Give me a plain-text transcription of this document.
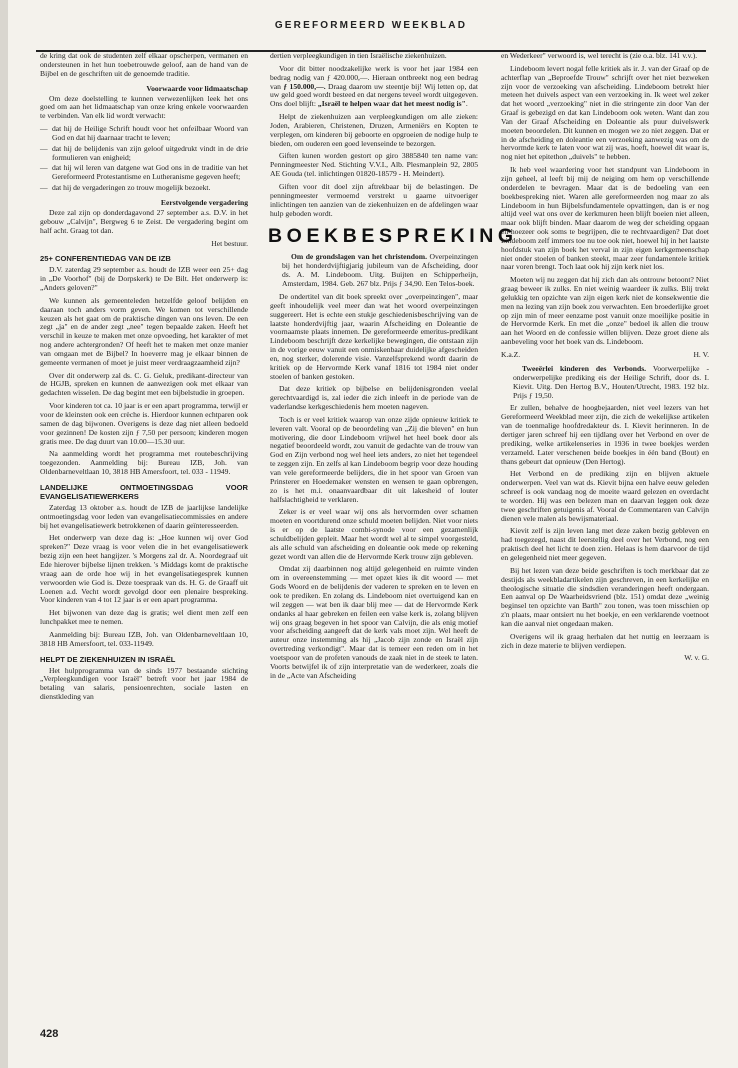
GEREFORMEERD WEEKBLAD

de kring dat ook de studenten zelf elkaar opscherpen, vermanen en ondersteunen in het hun toebetrouwde geloof, aan de hand van de Bijbel en de geschriften uit de genoemde traditie.

Voorwaarde voor lidmaatschap

Om deze doelstelling te kunnen verwezenlijken leek het ons goed om aan het lidmaatschap van onze kring enkele voorwaarden te verbinden. Van elk lid wordt verwacht:

— dat hij de Heilige Schrift houdt voor het onfeilbaar Woord van God en dat hij daarnaar tracht te leven;
— dat hij de belijdenis van zijn geloof uitgedrukt vindt in de drie formulieren van enigheid;
— dat hij wil leren van datgene wat God ons in de traditie van het Gereformeerd Protestantisme en Lutheranisme gegeven heeft;
— dat hij de vergaderingen zo trouw mogelijk bezoekt.
Eerstvolgende vergadering

Deze zal zijn op donderdagavond 27 september a.s. D.V. in het gebouw „Calvijn", Bergweg 6 te Zeist. De vergadering begint om half acht. Graag tot dan.

Het bestuur.

25+ CONFERENTIEDAG VAN DE IZB

D.V. zaterdag 29 september a.s. houdt de IZB weer een 25+ dag in „De Voorhof" (bij de Dorpskerk) te De Bilt. Het onderwerp is: „Anders geloven?"

We kunnen als gemeenteleden hetzelfde geloof belijden en daaraan toch anders vorm geven. We komen tot verschillende keuzen als het gaat om de praktische dingen van ons leven. De een zegt „ja" en de ander zegt „nee" tegen bepaalde zaken. Heeft het verschil in keuze te maken met onze opvoeding, het karakter of met nog andere achtergronden? Of heeft het te maken met onze manier van omgaan met de Bijbel? In hoeverre mag je elkaar binnen de gemeente vermanen of moet je juist meer verdraagzaamheid zijn?

Over dit onderwerp zal ds. C. G. Geluk, predikant-directeur van de HGJB, spreken en kunnen de aanwezigen ook met elkaar van gedachten wisselen. De dag begint met een bijbelstudie in groepen.

Voor kinderen tot ca. 10 jaar is er een apart programma, terwijl er voor de kleinsten ook een crèche is. Hierdoor kunnen echtparen ook samen de dag bijwonen. Overigens is deze dag niet alleen bedoeld voor gezinnen! De kosten zijn ƒ 7,50 per persoon; kinderen mogen gratis mee. De dag duurt van 10.00—15.30 uur.

Na aanmelding wordt het programma met routebeschrijving toegezonden. Aanmelding bij: Bureau IZB, Joh. van Oldenbarneveltlaan 10, 3818 HB Amersfoort, tel. 033 - 11949.

LANDELIJKE ONTMOETINGSDAG VOOR EVANGELISATIEWERKERS

Zaterdag 13 oktober a.s. houdt de IZB de jaarlijkse landelijke ontmoetingsdag voor leden van evangelisatiecommissies en andere bij het evangelisatiewerk betrokkenen of daarin geïnteresseerden.

Het onderwerp van deze dag is: „Hoe kunnen wij over God spreken?" Deze vraag is voor velen die in het evangelisatiewerk bezig zijn een heet hangijzer. 's Morgens zal dr. A. Noordegraaf uit Ede hierover bijbelse lijnen trekken. 's Middags komt de praktische vraag aan de orde hoe wij in het evangelisatiegesprek kunnen verwoorden wie God is. Deze toespraak van ds. H. G. de Graaff uit Loenen a.d. Vecht wordt gevolgd door een plenaire bespreking. Voor kinderen van 4 tot 12 jaar is er een apart programma.

Het bijwonen van deze dag is gratis; wel dient men zelf een lunchpakket mee te nemen.

Aanmelding bij: Bureau IZB, Joh. van Oldenbarneveltlaan 10, 3818 HB Amersfoort, tel. 033-11949.

HELPT DE ZIEKENHUIZEN IN ISRAËL

Het hulpprogramma van de sinds 1977 bestaande stichting „Verpleegkundigen voor Israël" betreft voor het jaar 1984 de betaling van salaris, pensioenrechten, sociale lasten en dienstkleding van

dertien verpleegkundigen in tien Israëlische ziekenhuizen.

Voor dit bitter noodzakelijke werk is voor het jaar 1984 een bedrag nodig van ƒ 420.000,—. Hieraan ontbreekt nog een bedrag van ƒ 150.000,—. Draag daarom uw steentje bij! Wij letten op, dat uw geld goed wordt besteed en dat nergens teveel wordt uitgegeven. Ons doel blijft: „Israël te helpen waar dat het meest nodig is".

Helpt de ziekenhuizen aan verpleegkundigen om alle zieken: Joden, Arabieren, Christenen, Druzen, Armeniërs en Kopten te verplegen, om kinderen bij geboorte en opgroeien de nodige hulp te bieden, om ouderen een goed levenseinde te bezorgen.

Giften kunen worden gestort op giro 3885840 ten name van: Penningmeester Ned. Stichting V.V.I., Alb. Plesmanplein 92, 2805 AE Gouda (tel. inlichtingen 01820-18579 - H. Meindert).

Giften voor dit doel zijn aftrekbaar bij de belastingen. De penningmeester vermoemd verstrekt u gaarne uitvoeriger inlichtingen ten aanzien van de ziekenhuizen en de afdelingen waar hulp geboden wordt.

BOEKBESPREKING

Om de grondslagen van het christendom. Overpeinzingen bij het honderdvijftigjarig jubileum van de Afscheiding, door ds. A. M. Lindeboom. Uitg. Buijten en Schipperheijn, Amsterdam, 1984. Geb. 267 blz. Prijs ƒ 34,90. Een Telos-boek.

De ondertitel van dit boek spreekt over „overpeinzingen", maar geeft inhoudelijk veel meer dan wat het woord overpeinzingen suggereert. Het is echte een stukje geschiedenisbeschrijving van de laatste honderdvijftig jaar, waarin Afscheiding en Doleantie de voornaamste plaats innemen. De gereformeerde emeritus-predikant Lindeboom beschrijft deze kerkelijke bewegingen, die ontstaan zijn in de vorige eeuw vanuit een onmiskenbaar duidelijke afgescheiden en, nog sterker, dolerende visie. Vanzelfsprekend wordt daarin de kritiek op de Hervormde Kerk vanaf 1816 tot 1984 niet onder stoelen of banken gestoken.

Dat deze kritiek op bijbelse en belijdenisgronden veelal gerechtvaardigd is, zal ieder die zich inleeft in de periode van de vaderlandse kerkgeschiedenis hem moeten nageven.

Toch is er veel kritiek waarop van onze zijde opnieuw kritiek te leveren valt. Vooral op de beoordeling van „Zij die bleven" en hun motivering, die door Lindeboom vrijwel het heel boek door als negatief beoordeeld wordt, zou vanuit de gedachte van de trouw van God en Zijn verbond nog wel heel iets anders, zo niet het tegendeel te zeggen zijn. En zelfs al kan Lindeboom begrip voor deze houding van vele gereformeerde belijders, die in het spoor van Groen van Prinsterer en Hoedemaker wensten en wensen te gaan opbrengen, zo is het m.i. onaanvaardbaar dit uit lakesheid of louter halfslachtigheid te verklaren.

Zeker is er veel waar wij ons als hervormden over schamen moeten en voortdurend onze schuld moeten belijden. Niet voor niets is er op de laatste combi-synode voor een gezamenlijk schuldbelijden gepleit. Maar het wordt wel al te simpel voorgesteld, als alle schuld van afscheiding en doleantie ook mede op rekening gezet wordt van allen die de Hervormde Kerk trouw zijn gebleven.

Omdat zij daarbinnen nog altijd gelegenheid en ruimte vinden om in overeenstemming — met opzet kies ik dit woord — met Gods Woord en de belijdenis der vaderen te spreken en te leven en ook te prediken. En zolang ds. Lindeboom niet overtuigend kan en wil zeggen — wat ben ik daar blij mee — dat de Hervormde Kerk ondanks al haar gebreken en feilen een valse kerk is, zolang blijven wij ons graag begeven in het spoor van Calvijn, die als enig motief voor afscheiding aangeeft dat de kerk vals moet zijn. Wel heeft de auteur onze instemming als hij „Jacob zijn zonde en Israël zijn overtreding verkondigt". Maar dat is temeer een reden om in het voetspoor van de profeten vanouds de zaak niet in de steek te laten. Voorts betwijfel ik of zijn interpretatie van de wederkeer, zoals die in de „Acte van Afscheiding

en Wederkeer" verwoord is, wel terecht is (zie o.a. blz. 141 v.v.).

Lindeboom levert nogal felle kritiek als ir. J. van der Graaf op de achterflap van „Beproefde Trouw" schrijft over het niet bezweken zijn voor de verzoeking van afscheiding. Lindeboom betrekt hier meteen het duivels aspect van een verzoeking in. Ik weet wel zeker dat het woord „verzoeking" niet in die stringente zin door Van der Graaf is gebezigd en dat kan Lindeboom ook weten. Want dan zou Van der Graaf Afscheiding en Doleantie als puur duivelswerk moeten beoordelen. Dit kunnen en mogen we zo niet zeggen. Dat er in de afscheiding en doleantie een verzoeking aanwezig was om de hervormde kerk te laten voor wat zij was, hoeft, hoewel dit waar is, nog niet het epitethon „duivels" te hebben.

Ik heb veel waardering voor het standpunt van Lindeboom in zijn geheel, al leeft bij mij de neiging om hem op verschillende onderdelen te bevragen. Maar dat is de bedoeling van een boekbespreking niet. Waren alle gereformeerden nog maar zo als Lindeboom in hun Bijbelsfundamentele opvattingen, dan is er nog altijd veel wat ons over de kerkmuren heen blijft boeien niet alleen, maar ook blijft binden. Maar daarom de weg der scheiding opgaan en hoezeer ook soms te begrijpen, die te rechtvaardigen? Dat doet Lindeboom zelf immers toe nu toe ook niet, hoewel hij in het laatste hoofdstuk van zijn boek het verval in zijn eigen kerkgemeenschap niet onder stoelen of banken steekt, maar zeer fundamentele kritiek naar voren brengt. Toch laat ook hij zijn kerk niet los.

Moeten wij nu zeggen dat hij zich dan als ontrouw betoont? Niet graag beweer ik zulks. En niet weinig waardeer ik zulks. Blij trekt gelukkig ten opzichte van zijn eigen kerk niet de konsekwentie die men na lezing van zijn boek zou verwachten. Een broederlijke groet op zijn min of meer eenzame post vanuit onze moeilijke positie in de Hervormde Kerk. En met die „onze" bedoel ik allen die trouw aan het Woord en de confessie willen blijven. Deze groet diene als aanbeveling voor het boek van ds. Lindeboom.

K.a.Z.	H. V.

Tweeërlei kinderen des Verbonds. Voorwerpelijke - onderwerpelijke prediking eis der Heilige Schrift, door ds. I. Kievit. Uitg. Den Hertog B.V., Houten/Utrecht, 1983. 192 blz. Prijs ƒ 19,50.

Er zullen, behalve de hoogbejaarden, niet veel lezers van het Gereformeerd Weekblad meer zijn, die zich de wekelijkse artikelen van de toenmalige hoofdredakteur ds. I. Kievit herinneren. In de dertiger jaren schreef hij een tijdlang over het Verbond en over de prediking, welke artikelenseries in 1936 in twee boekjes werden verzameld. Later verschenen beide boekjes in één band (Bout) en thans gebeurt dat opnieuw (Den Hertog).

Het Verbond en de prediking zijn en blijven aktuele onderwerpen. Veel van wat ds. Kievit bijna een halve eeuw geleden schreef is ook vandaag nog de moeite waard gelezen en overdacht te worden. Hij was een belezen man en daarvan leggen ook deze twee geschriften getuigenis af. Vooral de Commentaren van Calvijn dienen vele malen als bewijsmateriaal.

Kievit zelf is zijn leven lang met deze zaken bezig gebleven en had toegezegd, naast dit leerstellig deel over het Verbond, nog een praktisch deel het licht te doen zien. Helaas is hem daarvoor de tijd en gelegenheid niet meer gegeven.

Bij het lezen van deze beide geschriften is toch merkbaar dat ze destijds als weekbladartikelen zijn geschreven, in een kerkelijke en theologische situatie die sindsdien veranderingen heeft ondergaan. Een aanval op De Waarheidsvriend (blz. 151) omdat deze „weinig beginsel ten opzichte van Barth" zou tonen, was toen misschien op z'n plaats, maar ontsiert nu het boekje, en een verklarende voetnoot kan die aanval niet ongedaan maken.

Overigens wil ik graag herhalen dat het nuttig en leerzaam is zich in deze materie te blijven verdiepen.

W. v. G.

428
